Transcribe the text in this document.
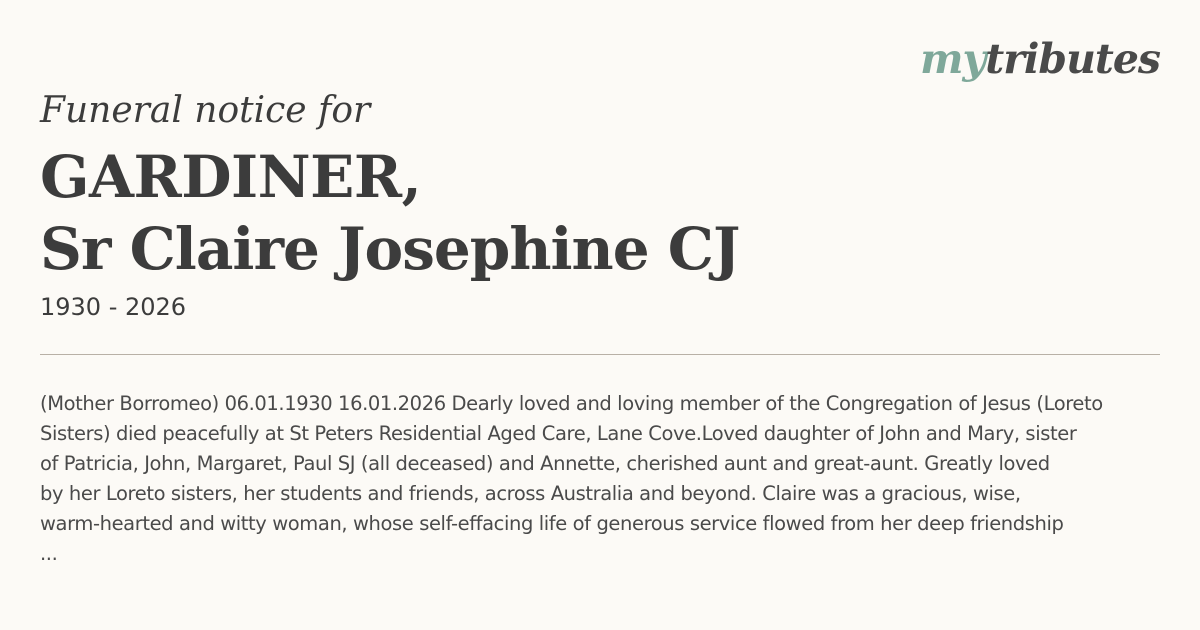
mytributes
Funeral notice for
GARDINER,
Sr Claire Josephine CJ
1930 - 2026
(Mother Borromeo) 06.01.1930 16.01.2026 Dearly loved and loving member of the Congregation of Jesus (Loreto
Sisters) died peacefully at St Peters Residential Aged Care, Lane Cove.Loved daughter of John and Mary, sister
of Patricia, John, Margaret, Paul SJ (all deceased) and Annette, cherished aunt and great-aunt. Greatly loved
by her Loreto sisters, her students and friends, across Australia and beyond. Claire was a gracious, wise,
warm-hearted and witty woman, whose self-effacing life of generous service flowed from her deep friendship
...
